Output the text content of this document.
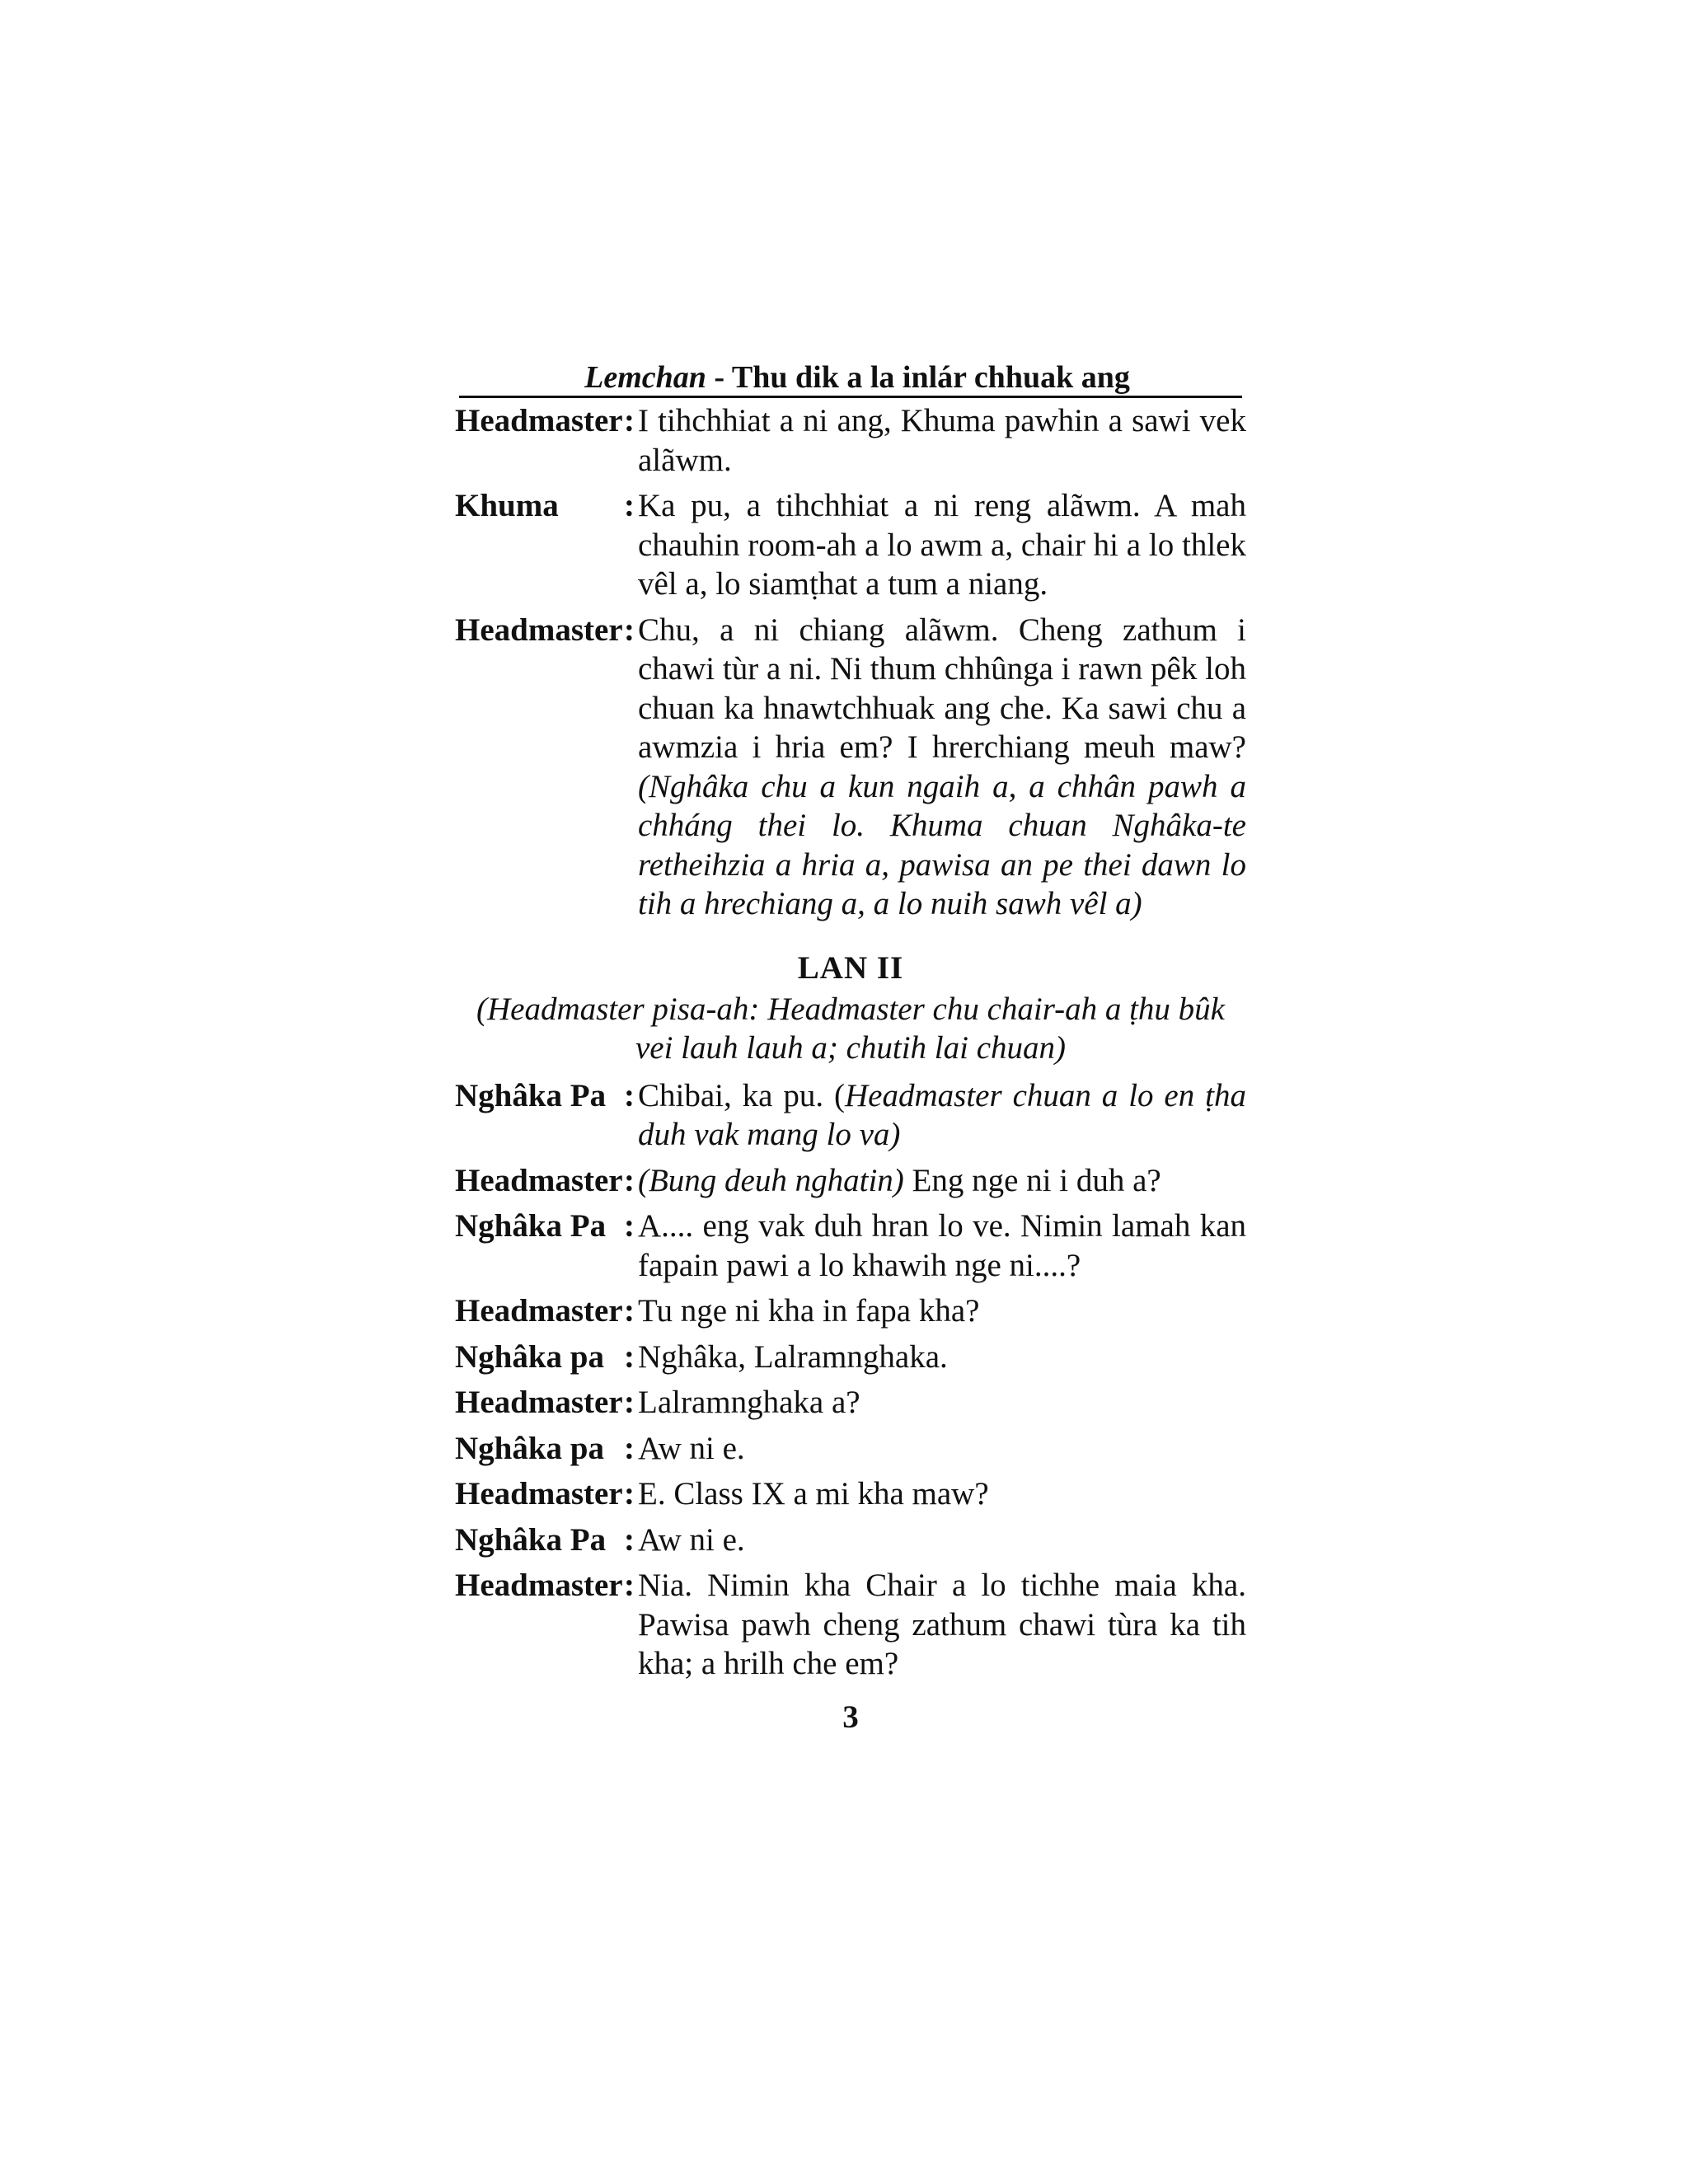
Lemchan - Thu dik a la inlár chhuak ang
Headmaster : I tihchhiat a ni ang, Khuma pawhin a sawi vek alãwm.
Khuma : Ka pu, a tihchhiat a ni reng alãwm. A mah chauhin room-ah a lo awm a, chair hi a lo thlek vêl a, lo siamṭhat a tum a niang.
Headmaster : Chu, a ni chiang alãwm. Cheng zathum i chawi tùr a ni. Ni thum chhûnga i rawn pêk loh chuan ka hnawtchhuak ang che. Ka sawi chu a awmzia i hria em? I hrerchiang meuh maw? (Nghâka chu a kun ngaih a, a chhân pawh a chháng thei lo. Khuma chuan Nghâka-te retheihzia a hria a, pawisa an pe thei dawn lo tih a hrechiang a, a lo nuih sawh vêl a)
LAN II
(Headmaster pisa-ah: Headmaster chu chair-ah a ṭhu bûk vei lauh lauh a; chutih lai chuan)
Nghâka Pa : Chibai, ka pu. (Headmaster chuan a lo en ṭha duh vak mang lo va)
Headmaster : (Bung deuh nghatin) Eng nge ni i duh a?
Nghâka Pa : A.... eng vak duh hran lo ve. Nimin lamah kan fapain pawi a lo khawih nge ni....?
Headmaster : Tu nge ni kha in fapa kha?
Nghâka pa : Nghâka, Lalramnghaka.
Headmaster : Lalramnghaka a?
Nghâka pa : Aw ni e.
Headmaster : E. Class IX a mi kha maw?
Nghâka Pa : Aw ni e.
Headmaster : Nia. Nimin kha Chair a lo tichhe maia kha. Pawisa pawh cheng zathum chawi tùra ka tih kha; a hrilh che em?
3
